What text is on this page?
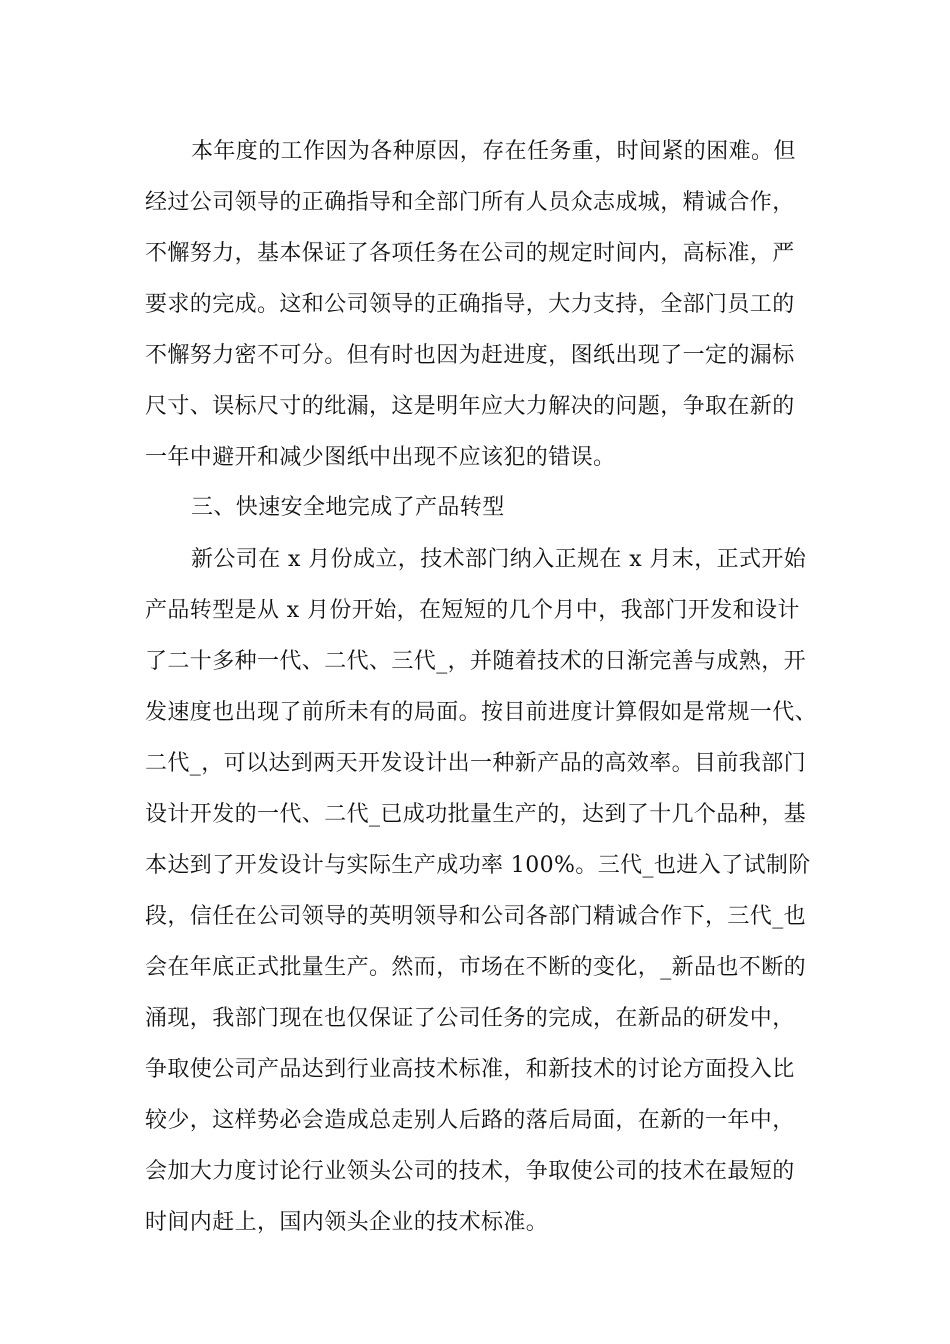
本年度的工作因为各种原因，存在任务重，时间紧的困难。但

经过公司领导的正确指导和全部门所有人员众志成城，精诚合作，

不懈努力，基本保证了各项任务在公司的规定时间内，高标准，严

要求的完成。这和公司领导的正确指导，大力支持，全部门员工的

不懈努力密不可分。但有时也因为赶进度，图纸出现了一定的漏标

尺寸、误标尺寸的纰漏，这是明年应大力解决的问题，争取在新的

一年中避开和减少图纸中出现不应该犯的错误。

三、快速安全地完成了产品转型

新公司在 x 月份成立，技术部门纳入正规在 x 月末，正式开始

产品转型是从 x 月份开始，在短短的几个月中，我部门开发和设计

了二十多种一代、二代、三代_，并随着技术的日渐完善与成熟，开

发速度也出现了前所未有的局面。按目前进度计算假如是常规一代、

二代_，可以达到两天开发设计出一种新产品的高效率。目前我部门

设计开发的一代、二代_已成功批量生产的，达到了十几个品种，基

本达到了开发设计与实际生产成功率 100%。三代_也进入了试制阶

段，信任在公司领导的英明领导和公司各部门精诚合作下，三代_也

会在年底正式批量生产。然而，市场在不断的变化，_新品也不断的

涌现，我部门现在也仅保证了公司任务的完成，在新品的研发中，

争取使公司产品达到行业高技术标准，和新技术的讨论方面投入比

较少，这样势必会造成总走别人后路的落后局面，在新的一年中，

会加大力度讨论行业领头公司的技术，争取使公司的技术在最短的

时间内赶上，国内领头企业的技术标准。
